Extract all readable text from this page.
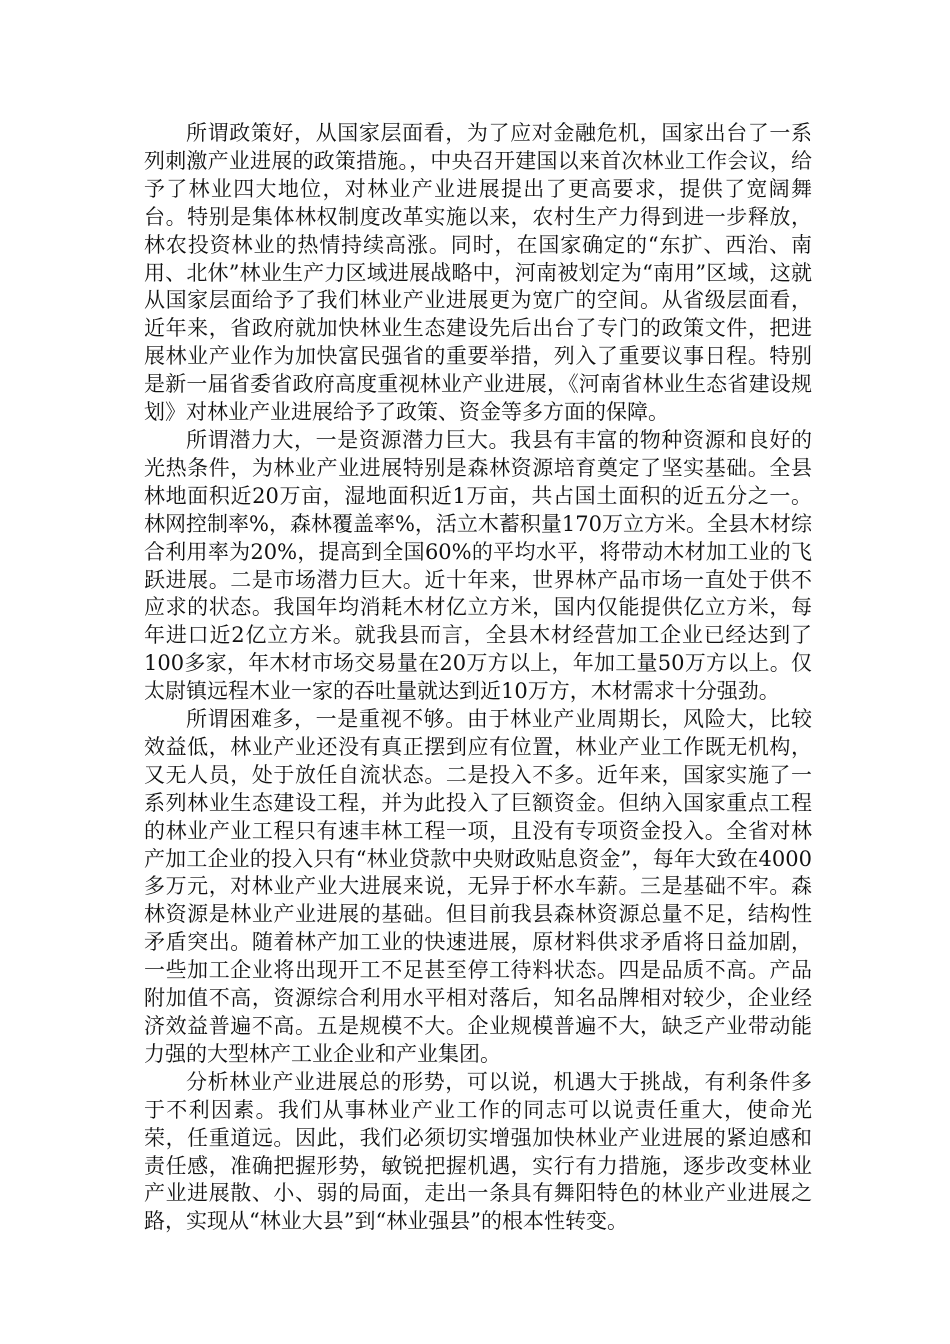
所谓政策好，从国家层面看，为了应对金融危机，国家出台了一系列刺激产业进展的政策措施。，中央召开建国以来首次林业工作会议，给予了林业四大地位，对林业产业进展提出了更高要求，提供了宽阔舞台。特别是集体林权制度改革实施以来，农村生产力得到进一步释放，林农投资林业的热情持续高涨。同时，在国家确定的“东扩、西治、南用、北休”林业生产力区域进展战略中，河南被划定为“南用”区域，这就从国家层面给予了我们林业产业进展更为宽广的空间。从省级层面看，近年来，省政府就加快林业生态建设先后出台了专门的政策文件，把进展林业产业作为加快富民强省的重要举措，列入了重要议事日程。特别是新一届省委省政府高度重视林业产业进展，《河南省林业生态省建设规划》对林业产业进展给予了政策、资金等多方面的保障。

所谓潜力大，一是资源潜力巨大。我县有丰富的物种资源和良好的光热条件，为林业产业进展特别是森林资源培育奠定了坚实基础。全县林地面积近20万亩，湿地面积近1万亩，共占国土面积的近五分之一。林网控制率%，森林覆盖率%，活立木蓄积量170万立方米。全县木材综合利用率为20%，提高到全国60%的平均水平，将带动木材加工业的飞跃进展。二是市场潜力巨大。近十年来，世界林产品市场一直处于供不应求的状态。我国年均消耗木材亿立方米，国内仅能提供亿立方米，每年进口近2亿立方米。就我县而言，全县木材经营加工企业已经达到了100多家，年木材市场交易量在20万方以上，年加工量50万方以上。仅太尉镇远程木业一家的吞吐量就达到近10万方，木材需求十分强劲。

所谓困难多，一是重视不够。由于林业产业周期长，风险大，比较效益低，林业产业还没有真正摆到应有位置，林业产业工作既无机构，又无人员，处于放任自流状态。二是投入不多。近年来，国家实施了一系列林业生态建设工程，并为此投入了巨额资金。但纳入国家重点工程的林业产业工程只有速丰林工程一项，且没有专项资金投入。全省对林产加工企业的投入只有“林业贷款中央财政贴息资金”，每年大致在4000多万元，对林业产业大进展来说，无异于杯水车薪。三是基础不牢。森林资源是林业产业进展的基础。但目前我县森林资源总量不足，结构性矛盾突出。随着林产加工业的快速进展，原材料供求矛盾将日益加剧，一些加工企业将出现开工不足甚至停工待料状态。四是品质不高。产品附加值不高，资源综合利用水平相对落后，知名品牌相对较少，企业经济效益普遍不高。五是规模不大。企业规模普遍不大，缺乏产业带动能力强的大型林产工业企业和产业集团。

分析林业产业进展总的形势，可以说，机遇大于挑战，有利条件多于不利因素。我们从事林业产业工作的同志可以说责任重大，使命光荣，任重道远。因此，我们必须切实增强加快林业产业进展的紧迫感和责任感，准确把握形势，敏锐把握机遇，实行有力措施，逐步改变林业产业进展散、小、弱的局面，走出一条具有舞阳特色的林业产业进展之路，实现从“林业大县”到“林业强县”的根本性转变。
